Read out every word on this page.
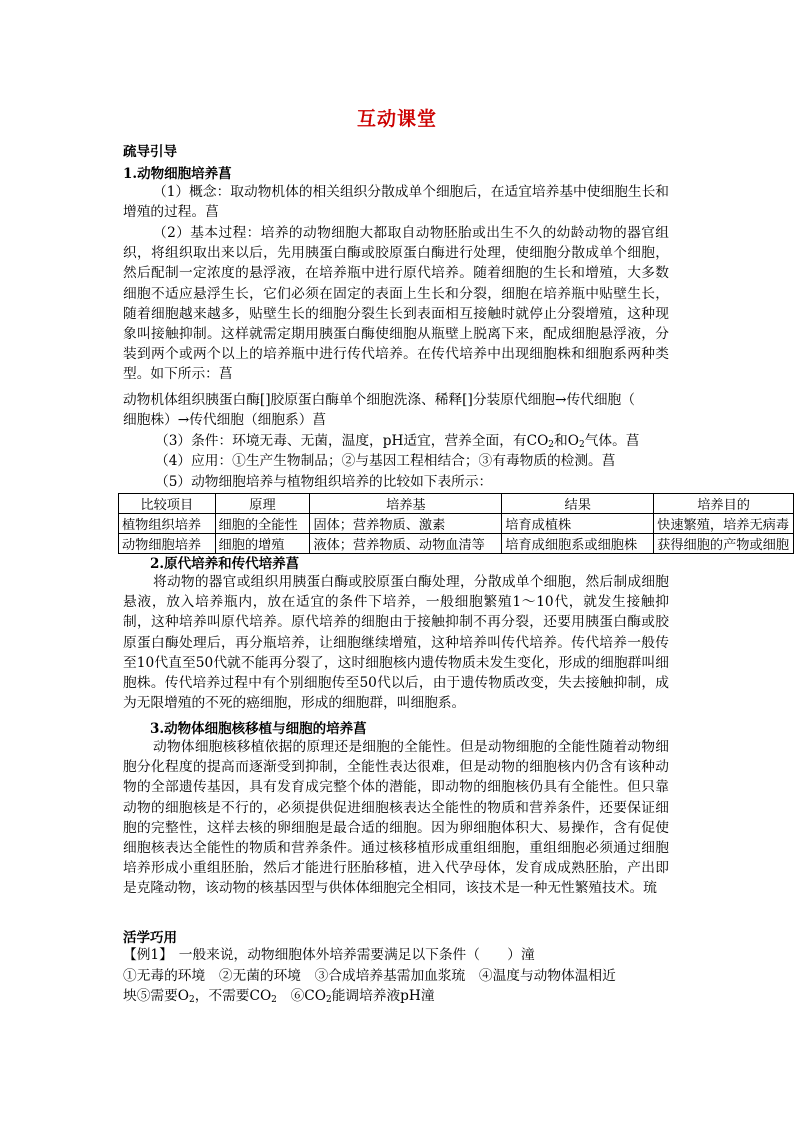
互动课堂
疏导引导
1.动物细胞培养菖
（1）概念：取动物机体的相关组织分散成单个细胞后，在适宜培养基中使细胞生长和增殖的过程。菖
（2）基本过程：培养的动物细胞大都取自动物胚胎或出生不久的幼龄动物的器官组织，将组织取出来以后，先用胰蛋白酶或胶原蛋白酶进行处理，使细胞分散成单个细胞，然后配制一定浓度的悬浮液，在培养瓶中进行原代培养。随着细胞的生长和增殖，大多数细胞不适应悬浮生长，它们必须在固定的表面上生长和分裂，细胞在培养瓶中贴壁生长，随着细胞越来越多，贴壁生长的细胞分裂生长到表面相互接触时就停止分裂增殖，这种现象叫接触抑制。这样就需定期用胰蛋白酶使细胞从瓶壁上脱离下来，配成细胞悬浮液，分装到两个或两个以上的培养瓶中进行传代培养。在传代培养中出现细胞株和细胞系两种类型。如下所示：菖
动物机体组织胰蛋白酶[]胶原蛋白酶单个细胞洗涤、稀释[]分装原代细胞→传代细胞（
细胞株）→传代细胞（细胞系）菖
（3）条件：环境无毒、无菌，温度，pH适宜，营养全面，有$CO_2$和$O_2$气体。菖
（4）应用：①生产生物制品；②与基因工程相结合；③有毒物质的检测。菖
（5）动物细胞培养与植物组织培养的比较如下表所示：
比较项目	原理	培养基	结果	培养目的
植物组织培养	细胞的全能性	固体；营养物质、激素	培育成植株	快速繁殖，培养无病毒
动物细胞培养	细胞的增殖	液体；营养物质、动物血清等	培育成细胞系或细胞株	获得细胞的产物或细胞
2.原代培养和传代培养菖
将动物的器官或组织用胰蛋白酶或胶原蛋白酶处理，分散成单个细胞，然后制成细胞悬液，放入培养瓶内，放在适宜的条件下培养，一般细胞繁殖1～10代，就发生接触抑制，这种培养叫原代培养。原代培养的细胞由于接触抑制不再分裂，还要用胰蛋白酶或胶原蛋白酶处理后，再分瓶培养，让细胞继续增殖，这种培养叫传代培养。传代培养一般传至10代直至50代就不能再分裂了，这时细胞核内遗传物质未发生变化，形成的细胞群叫细胞株。传代培养过程中有个别细胞传至50代以后，由于遗传物质改变，失去接触抑制，成为无限增殖的不死的癌细胞，形成的细胞群，叫细胞系。
3.动物体细胞核移植与细胞的培养菖
动物体细胞核移植依据的原理还是细胞的全能性。但是动物细胞的全能性随着动物细胞分化程度的提高而逐渐受到抑制，全能性表达很难，但是动物的细胞核内仍含有该种动物的全部遗传基因，具有发育成完整个体的潜能，即动物的细胞核仍具有全能性。但只靠动物的细胞核是不行的，必须提供促进细胞核表达全能性的物质和营养条件，还要保证细胞的完整性，这样去核的卵细胞是最合适的细胞。因为卵细胞体积大、易操作，含有促使细胞核表达全能性的物质和营养条件。通过核移植形成重组细胞，重组细胞必须通过细胞培养形成小重组胚胎，然后才能进行胚胎移植，进入代孕母体，发育成成熟胚胎，产出即是克隆动物，该动物的核基因型与供体体细胞完全相同，该技术是一种无性繁殖技术。琉
活学巧用
【例1】 一般来说，动物细胞体外培养需要满足以下条件（　　）潼
①无毒的环境　②无菌的环境　③合成培养基需加血浆琉　④温度与动物体温相近
坱⑤需要$O_2$，不需要$CO_2$　$⑥CO_2$能调培养液pH潼
